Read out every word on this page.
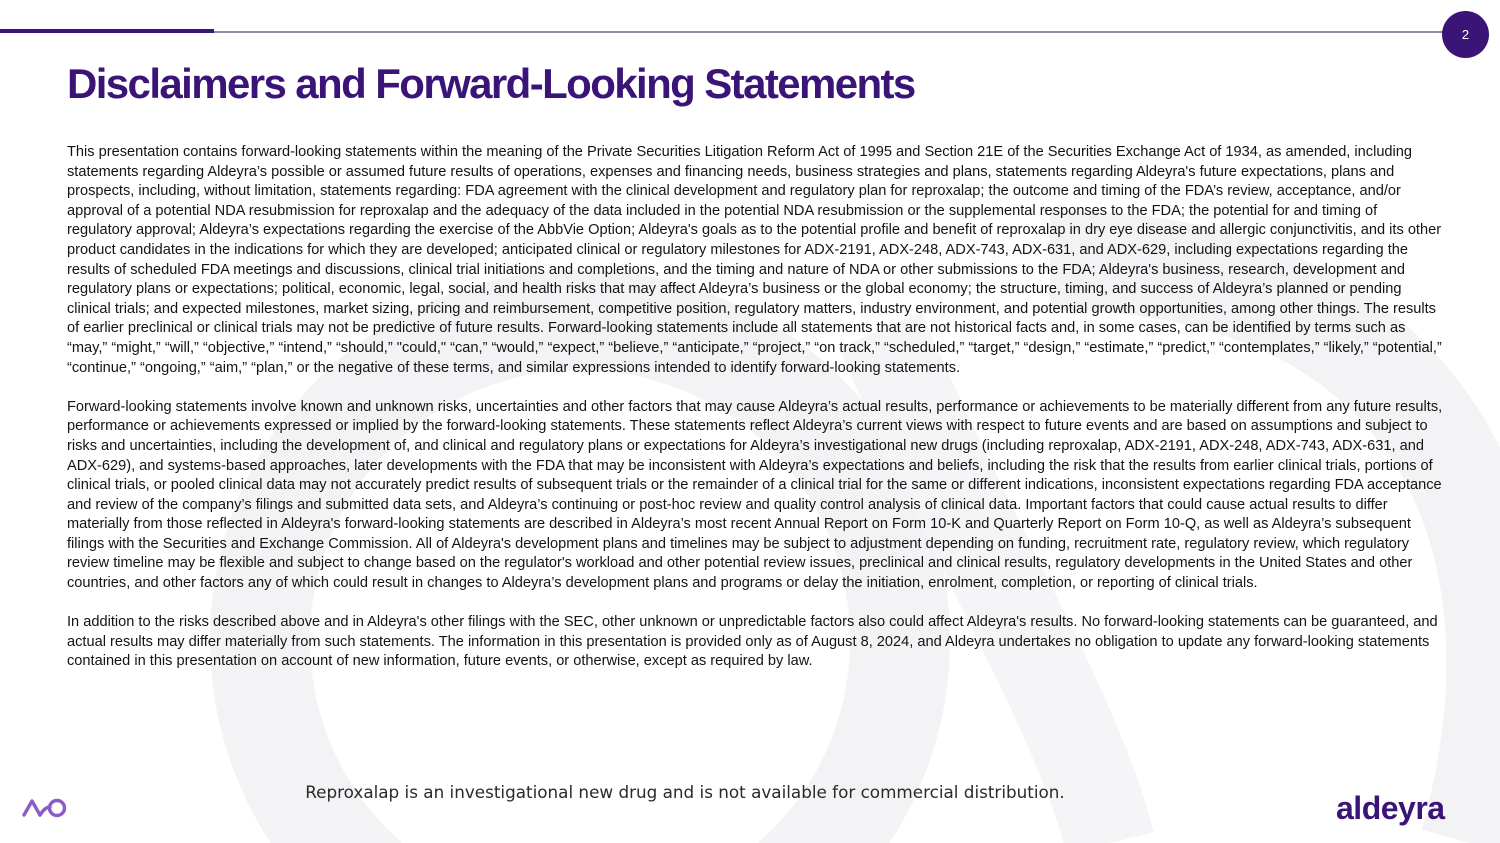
2
Disclaimers and Forward-Looking Statements

This presentation contains forward-looking statements within the meaning of the Private Securities Litigation Reform Act of 1995 and Section 21E of the Securities Exchange Act of 1934, as amended, including statements regarding Aldeyra’s possible or assumed future results of operations, expenses and financing needs, business strategies and plans, statements regarding Aldeyra's future expectations, plans and prospects, including, without limitation, statements regarding: FDA agreement with the clinical development and regulatory plan for reproxalap; the outcome and timing of the FDA’s review, acceptance, and/or approval of a potential NDA resubmission for reproxalap and the adequacy of the data included in the potential NDA resubmission or the supplemental responses to the FDA; the potential for and timing of regulatory approval; Aldeyra’s expectations regarding the exercise of the AbbVie Option; Aldeyra's goals as to the potential profile and benefit of reproxalap in dry eye disease and allergic conjunctivitis, and its other product candidates in the indications for which they are developed; anticipated clinical or regulatory milestones for ADX-2191, ADX-248, ADX-743, ADX-631, and ADX-629, including expectations regarding the results of scheduled FDA meetings and discussions, clinical trial initiations and completions, and the timing and nature of NDA or other submissions to the FDA; Aldeyra's business, research, development and regulatory plans or expectations; political, economic, legal, social, and health risks that may affect Aldeyra’s business or the global economy; the structure, timing, and success of Aldeyra’s planned or pending clinical trials; and expected milestones, market sizing, pricing and reimbursement, competitive position, regulatory matters, industry environment, and potential growth opportunities, among other things. The results of earlier preclinical or clinical trials may not be predictive of future results. Forward-looking statements include all statements that are not historical facts and, in some cases, can be identified by terms such as “may,” “might,” “will,” “objective,” “intend,” “should,” "could," “can,” “would,” “expect,” “believe,” “anticipate,” “project,” “on track,” “scheduled,” “target,” “design,” “estimate,” “predict,” “contemplates,” “likely,” “potential,” “continue,” “ongoing,” “aim,” “plan,” or the negative of these terms, and similar expressions intended to identify forward-looking statements.

Forward-looking statements involve known and unknown risks, uncertainties and other factors that may cause Aldeyra’s actual results, performance or achievements to be materially different from any future results, performance or achievements expressed or implied by the forward-looking statements. These statements reflect Aldeyra’s current views with respect to future events and are based on assumptions and subject to risks and uncertainties, including the development of, and clinical and regulatory plans or expectations for Aldeyra’s investigational new drugs (including reproxalap, ADX-2191, ADX-248, ADX-743, ADX-631, and ADX-629), and systems-based approaches, later developments with the FDA that may be inconsistent with Aldeyra’s expectations and beliefs, including the risk that the results from earlier clinical trials, portions of clinical trials, or pooled clinical data may not accurately predict results of subsequent trials or the remainder of a clinical trial for the same or different indications, inconsistent expectations regarding FDA acceptance and review of the company’s filings and submitted data sets, and Aldeyra’s continuing or post-hoc review and quality control analysis of clinical data. Important factors that could cause actual results to differ materially from those reflected in Aldeyra's forward-looking statements are described in Aldeyra’s most recent Annual Report on Form 10-K and Quarterly Report on Form 10-Q, as well as Aldeyra’s subsequent filings with the Securities and Exchange Commission. All of Aldeyra's development plans and timelines may be subject to adjustment depending on funding, recruitment rate, regulatory review, which regulatory review timeline may be flexible and subject to change based on the regulator's workload and other potential review issues, preclinical and clinical results, regulatory developments in the United States and other countries, and other factors any of which could result in changes to Aldeyra’s development plans and programs or delay the initiation, enrolment, completion, or reporting of clinical trials.

In addition to the risks described above and in Aldeyra's other filings with the SEC, other unknown or unpredictable factors also could affect Aldeyra's results. No forward-looking statements can be guaranteed, and actual results may differ materially from such statements. The information in this presentation is provided only as of August 8, 2024, and Aldeyra undertakes no obligation to update any forward-looking statements contained in this presentation on account of new information, future events, or otherwise, except as required by law.

Reproxalap is an investigational new drug and is not available for commercial distribution.	aldeyra
